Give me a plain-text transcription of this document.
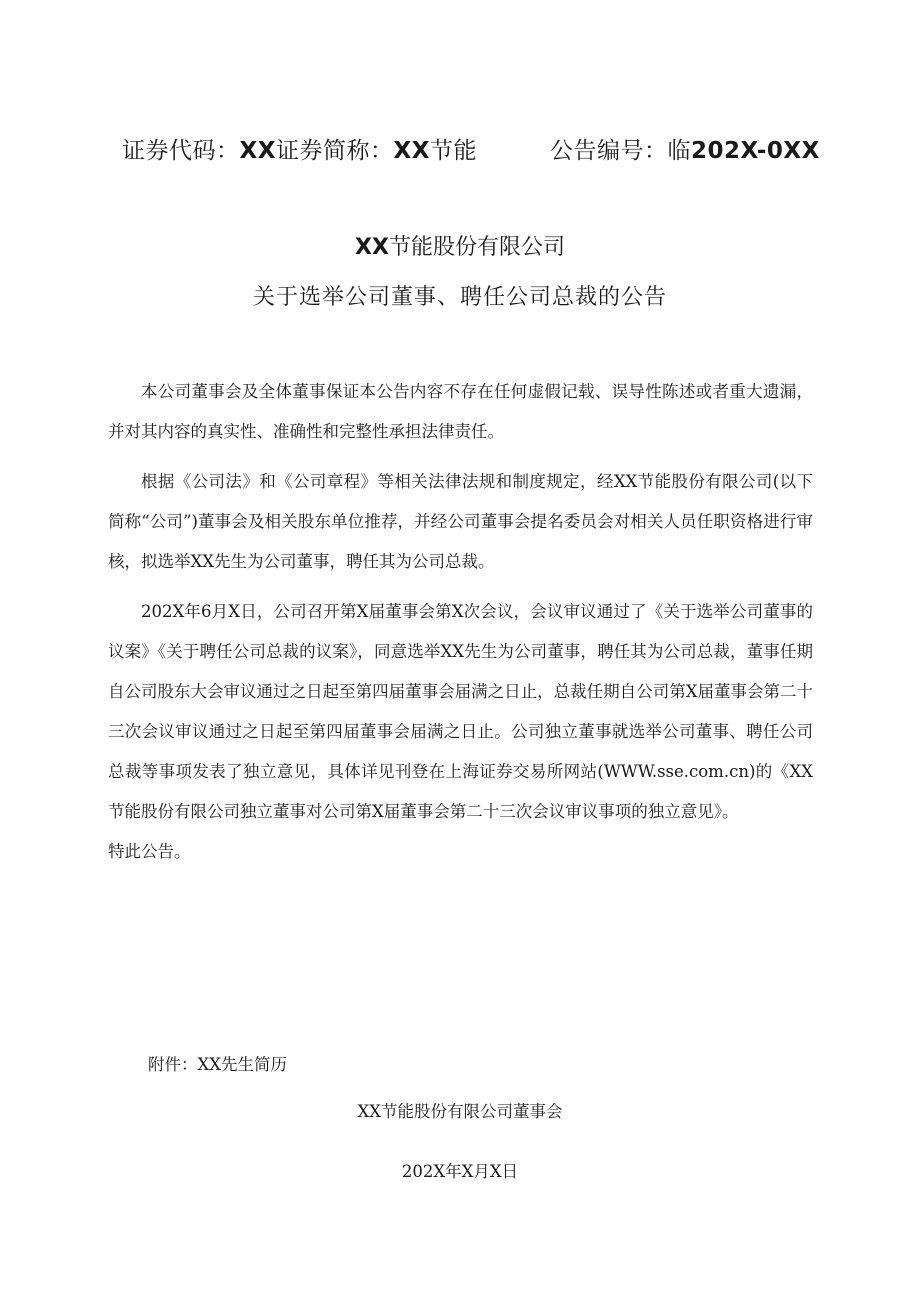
证券代码：XX证券简称：XX节能	公告编号：临202X-0XX
XX节能股份有限公司
关于选举公司董事、聘任公司总裁的公告

本公司董事会及全体董事保证本公告内容不存在任何虚假记载、误导性陈述或者重大遗漏，并对其内容的真实性、准确性和完整性承担法律责任。

根据《公司法》和《公司章程》等相关法律法规和制度规定，经XX节能股份有限公司(以下简称“公司”)董事会及相关股东单位推荐，并经公司董事会提名委员会对相关人员任职资格进行审核，拟选举XX先生为公司董事，聘任其为公司总裁。

202X年6月X日，公司召开第X届董事会第X次会议，会议审议通过了《关于选举公司董事的议案》《关于聘任公司总裁的议案》，同意选举XX先生为公司董事，聘任其为公司总裁，董事任期自公司股东大会审议通过之日起至第四届董事会届满之日止，总裁任期自公司第X届董事会第二十三次会议审议通过之日起至第四届董事会届满之日止。公司独立董事就选举公司董事、聘任公司总裁等事项发表了独立意见，具体详见刊登在上海证券交易所网站(WWW.sse.com.cn)的《XX节能股份有限公司独立董事对公司第X届董事会第二十三次会议审议事项的独立意见》。

特此公告。

附件：XX先生简历
XX节能股份有限公司董事会
202X年X月X日
